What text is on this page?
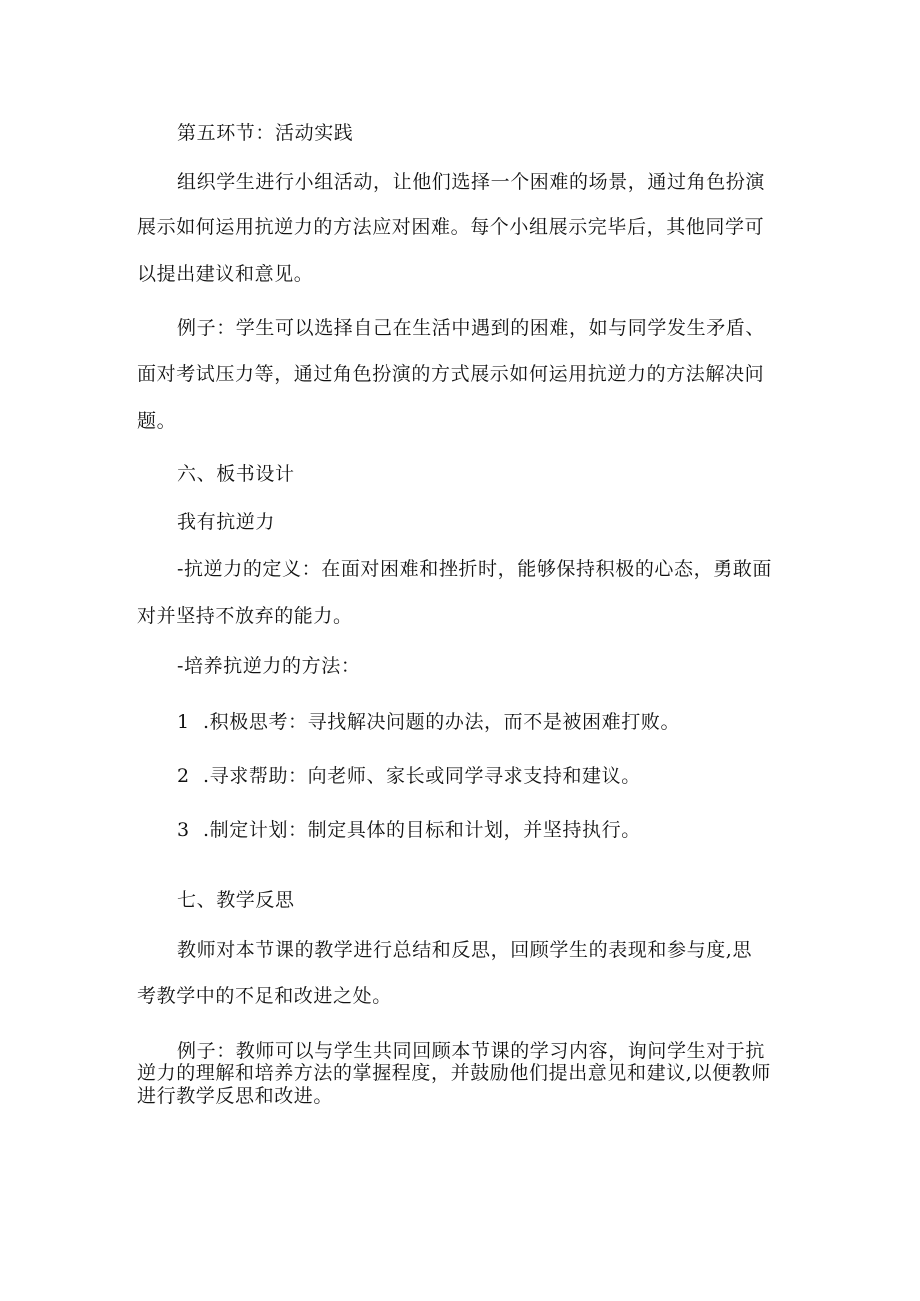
第五环节：活动实践
组织学生进行小组活动，让他们选择一个困难的场景，通过角色扮演
展示如何运用抗逆力的方法应对困难。每个小组展示完毕后，其他同学可
以提出建议和意见。
例子：学生可以选择自己在生活中遇到的困难，如与同学发生矛盾、
面对考试压力等，通过角色扮演的方式展示如何运用抗逆力的方法解决问
题。
六、板书设计
我有抗逆力
-抗逆力的定义：在面对困难和挫折时，能够保持积极的心态，勇敢面
对并坚持不放弃的能力。
-培养抗逆力的方法：
1 .积极思考：寻找解决问题的办法，而不是被困难打败。
2 .寻求帮助：向老师、家长或同学寻求支持和建议。
3 .制定计划：制定具体的目标和计划，并坚持执行。
七、教学反思
教师对本节课的教学进行总结和反思，回顾学生的表现和参与度,思
考教学中的不足和改进之处。
例子：教师可以与学生共同回顾本节课的学习内容，询问学生对于抗
逆力的理解和培养方法的掌握程度，并鼓励他们提出意见和建议,以便教师
进行教学反思和改进。
